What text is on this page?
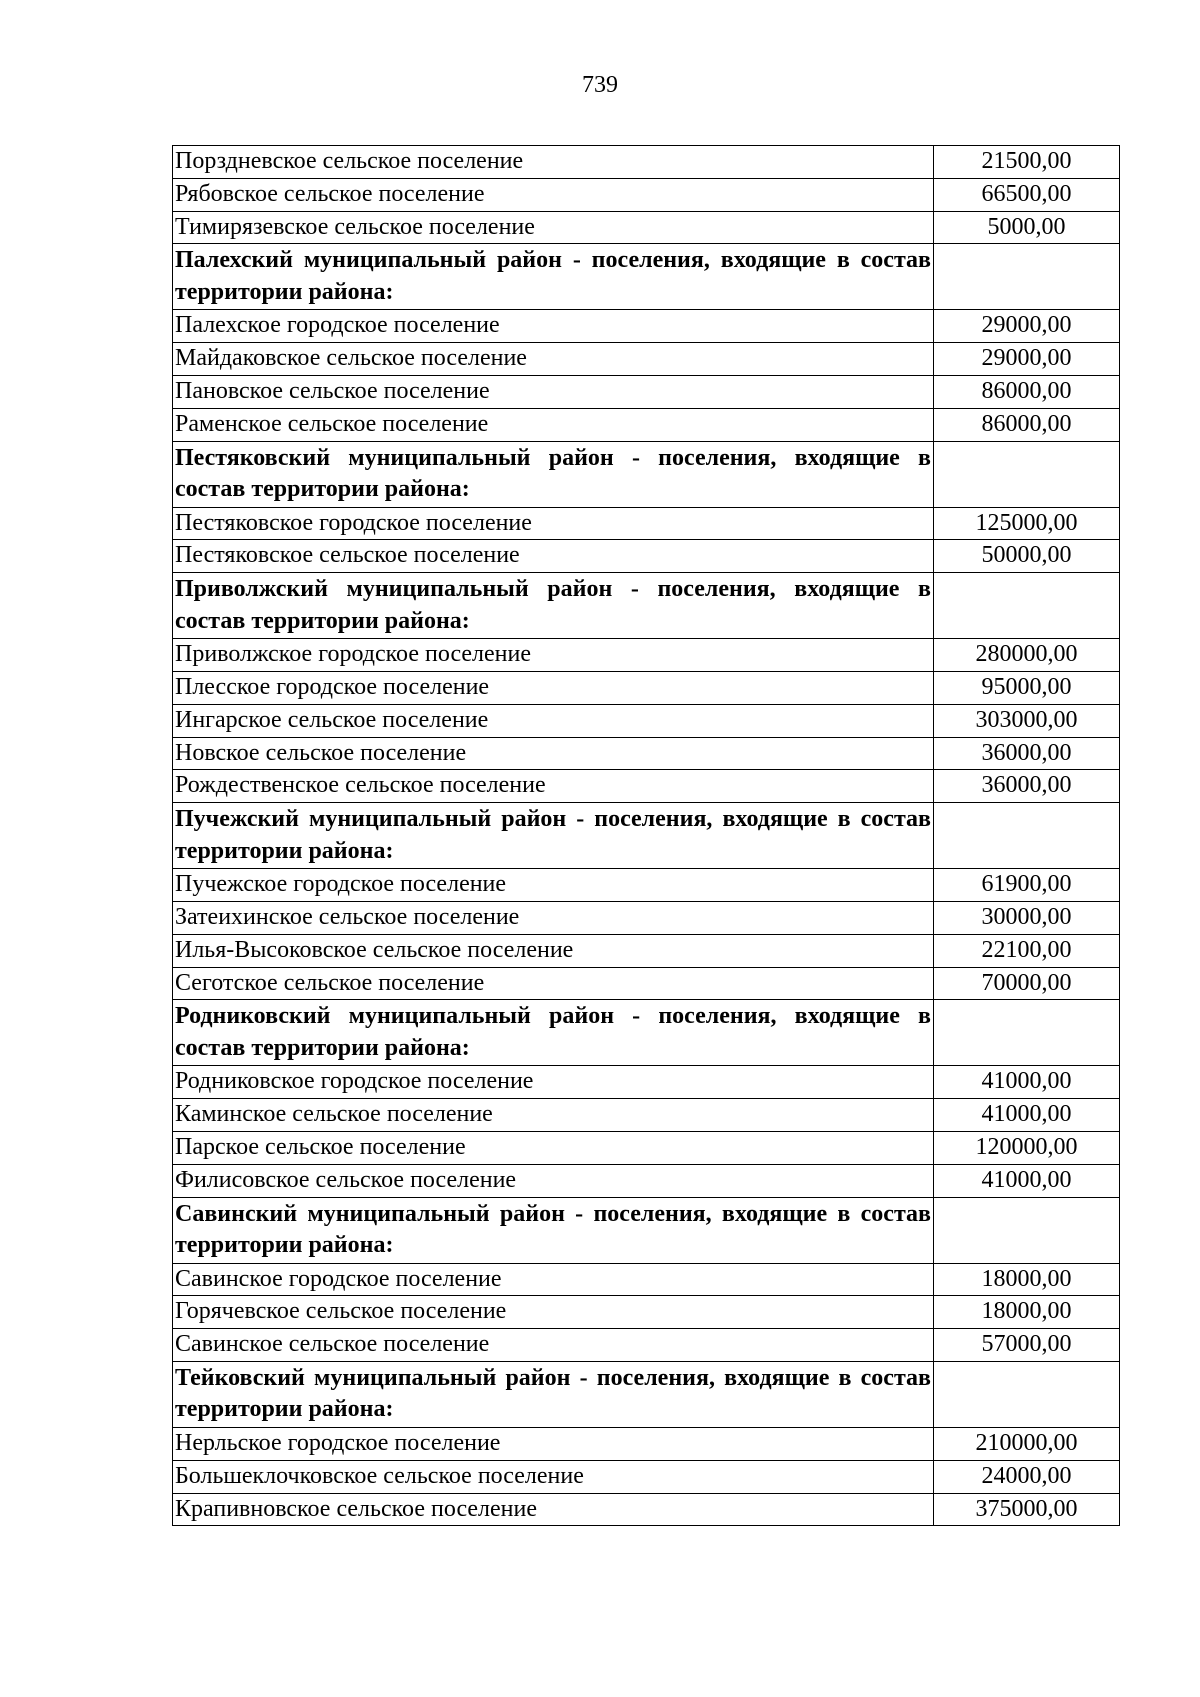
739
Порздневское сельское поселение	21500,00
Рябовское сельское поселение	66500,00
Тимирязевское сельское поселение	5000,00
Палехский муниципальный район - поселения, входящие в состав территории района:	
Палехское городское поселение	29000,00
Майдаковское сельское поселение	29000,00
Пановское сельское поселение	86000,00
Раменское сельское поселение	86000,00
Пестяковский муниципальный район - поселения, входящие в состав территории района:	
Пестяковское городское поселение	125000,00
Пестяковское сельское поселение	50000,00
Приволжский муниципальный район - поселения, входящие в состав территории района:	
Приволжское городское поселение	280000,00
Плесское городское поселение	95000,00
Ингарское сельское поселение	303000,00
Новское сельское поселение	36000,00
Рождественское сельское поселение	36000,00
Пучежский муниципальный район - поселения, входящие в состав территории района:	
Пучежское городское поселение	61900,00
Затеихинское сельское поселение	30000,00
Илья-Высоковское сельское поселение	22100,00
Сеготское сельское поселение	70000,00
Родниковский муниципальный район - поселения, входящие в состав территории района:	
Родниковское городское поселение	41000,00
Каминское сельское поселение	41000,00
Парское сельское поселение	120000,00
Филисовское сельское поселение	41000,00
Савинский муниципальный район - поселения, входящие в состав территории района:	
Савинское городское поселение	18000,00
Горячевское сельское поселение	18000,00
Савинское сельское поселение	57000,00
Тейковский муниципальный район - поселения, входящие в состав территории района:	
Нерльское городское поселение	210000,00
Большеклочковское сельское поселение	24000,00
Крапивновское сельское поселение	375000,00
